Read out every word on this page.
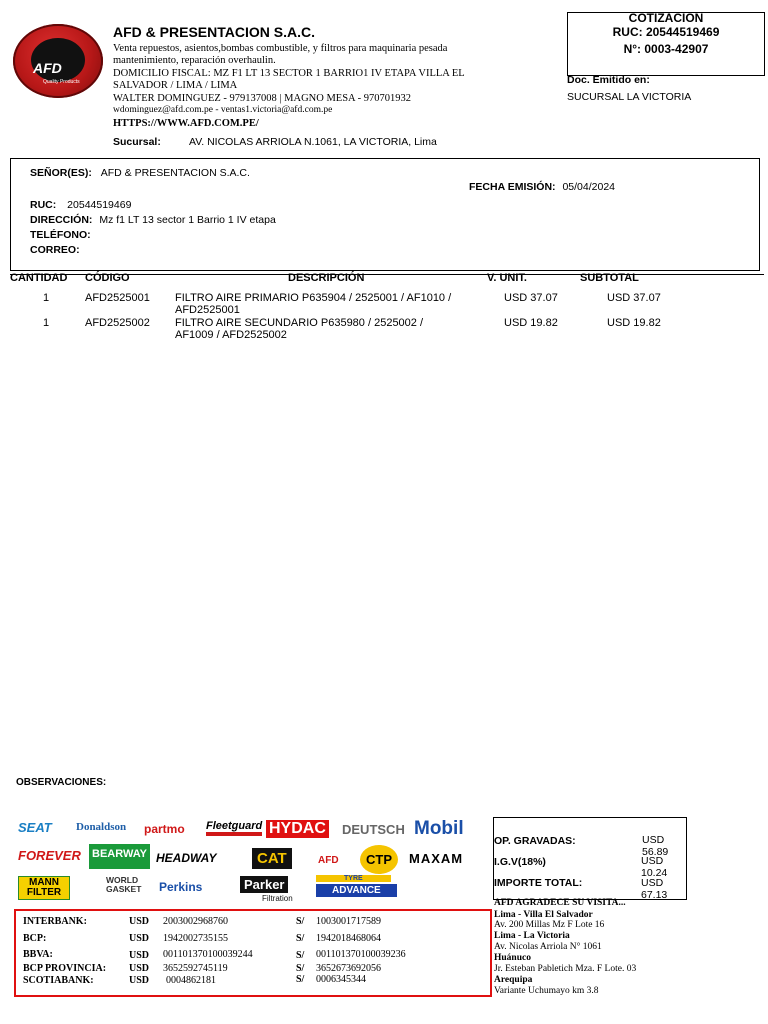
AFD
Quality Products
AFD & PRESENTACION S.A.C.
Venta repuestos, asientos,bombas combustible, y filtros para maquinaria pesada
mantenimiento, reparación overhaulin.
DOMICILIO FISCAL: MZ F1 LT 13 SECTOR 1 BARRIO1 IV ETAPA VILLA EL
SALVADOR / LIMA / LIMA
WALTER DOMINGUEZ - 979137008 | MAGNO MESA - 970701932
wdominguez@afd.com.pe - ventas1.victoria@afd.com.pe
HTTPS://WWW.AFD.COM.PE/
Sucursal:	AV. NICOLAS ARRIOLA N.1061, LA VICTORIA, Lima
COTIZACION
RUC: 20544519469
N°: 0003-42907
Doc. Emitido en:
SUCURSAL LA VICTORIA
SEÑOR(ES): AFD & PRESENTACION S.A.C.
FECHA EMISIÓN: 05/04/2024
RUC: 20544519469
DIRECCIÓN: Mz f1 LT 13 sector 1 Barrio 1 IV etapa
TELÉFONO:
CORREO:
CANTIDAD CÓDIGO	DESCRIPCIÓN	V. UNIT.	SUBTOTAL
1	AFD2525001 FILTRO AIRE PRIMARIO P635904 / 2525001 / AF1010 /
AFD2525001
USD 37.07	USD 37.07
1	AFD2525002 FILTRO AIRE SECUNDARIO P635980 / 2525002 /
AF1009 / AFD2525002
USD 19.82	USD 19.82
OBSERVACIONES:
SEAT Donaldson partmo Fleetguard HYDAC DEUTSCH Mobil
FOREVER BEARWAY HEADWAY	CAT	AFD	CTP	MAXAM
MANN FILTER
WORLD GASKET	Perkins	Parker
Filtration
TYRE
ADVANCE
OP. GRAVADAS:	USD 56.89
I.G.V(18%)	USD 10.24
IMPORTE TOTAL:	USD 67.13
INTERBANK:	USD 2003002968760	S/ 1003001717589
BCP:	USD 1942002735155	S/ 1942018468064
BBVA:	USD 001101370100039244	S/ 001101370100039236
BCP PROVINCIA: USD 3652592745119	S/ 3652673692056
SCOTIABANK:	USD 0004862181	S/ 0006345344
AFD AGRADECE SU VISITA...
Lima - Villa El Salvador
Av. 200 Millas Mz F Lote 16
Lima - La Victoria
Av. Nicolas Arriola N° 1061
Huánuco
Jr. Esteban Pabletich Mza. F Lote. 03
Arequipa
Variante Uchumayo km 3.8
